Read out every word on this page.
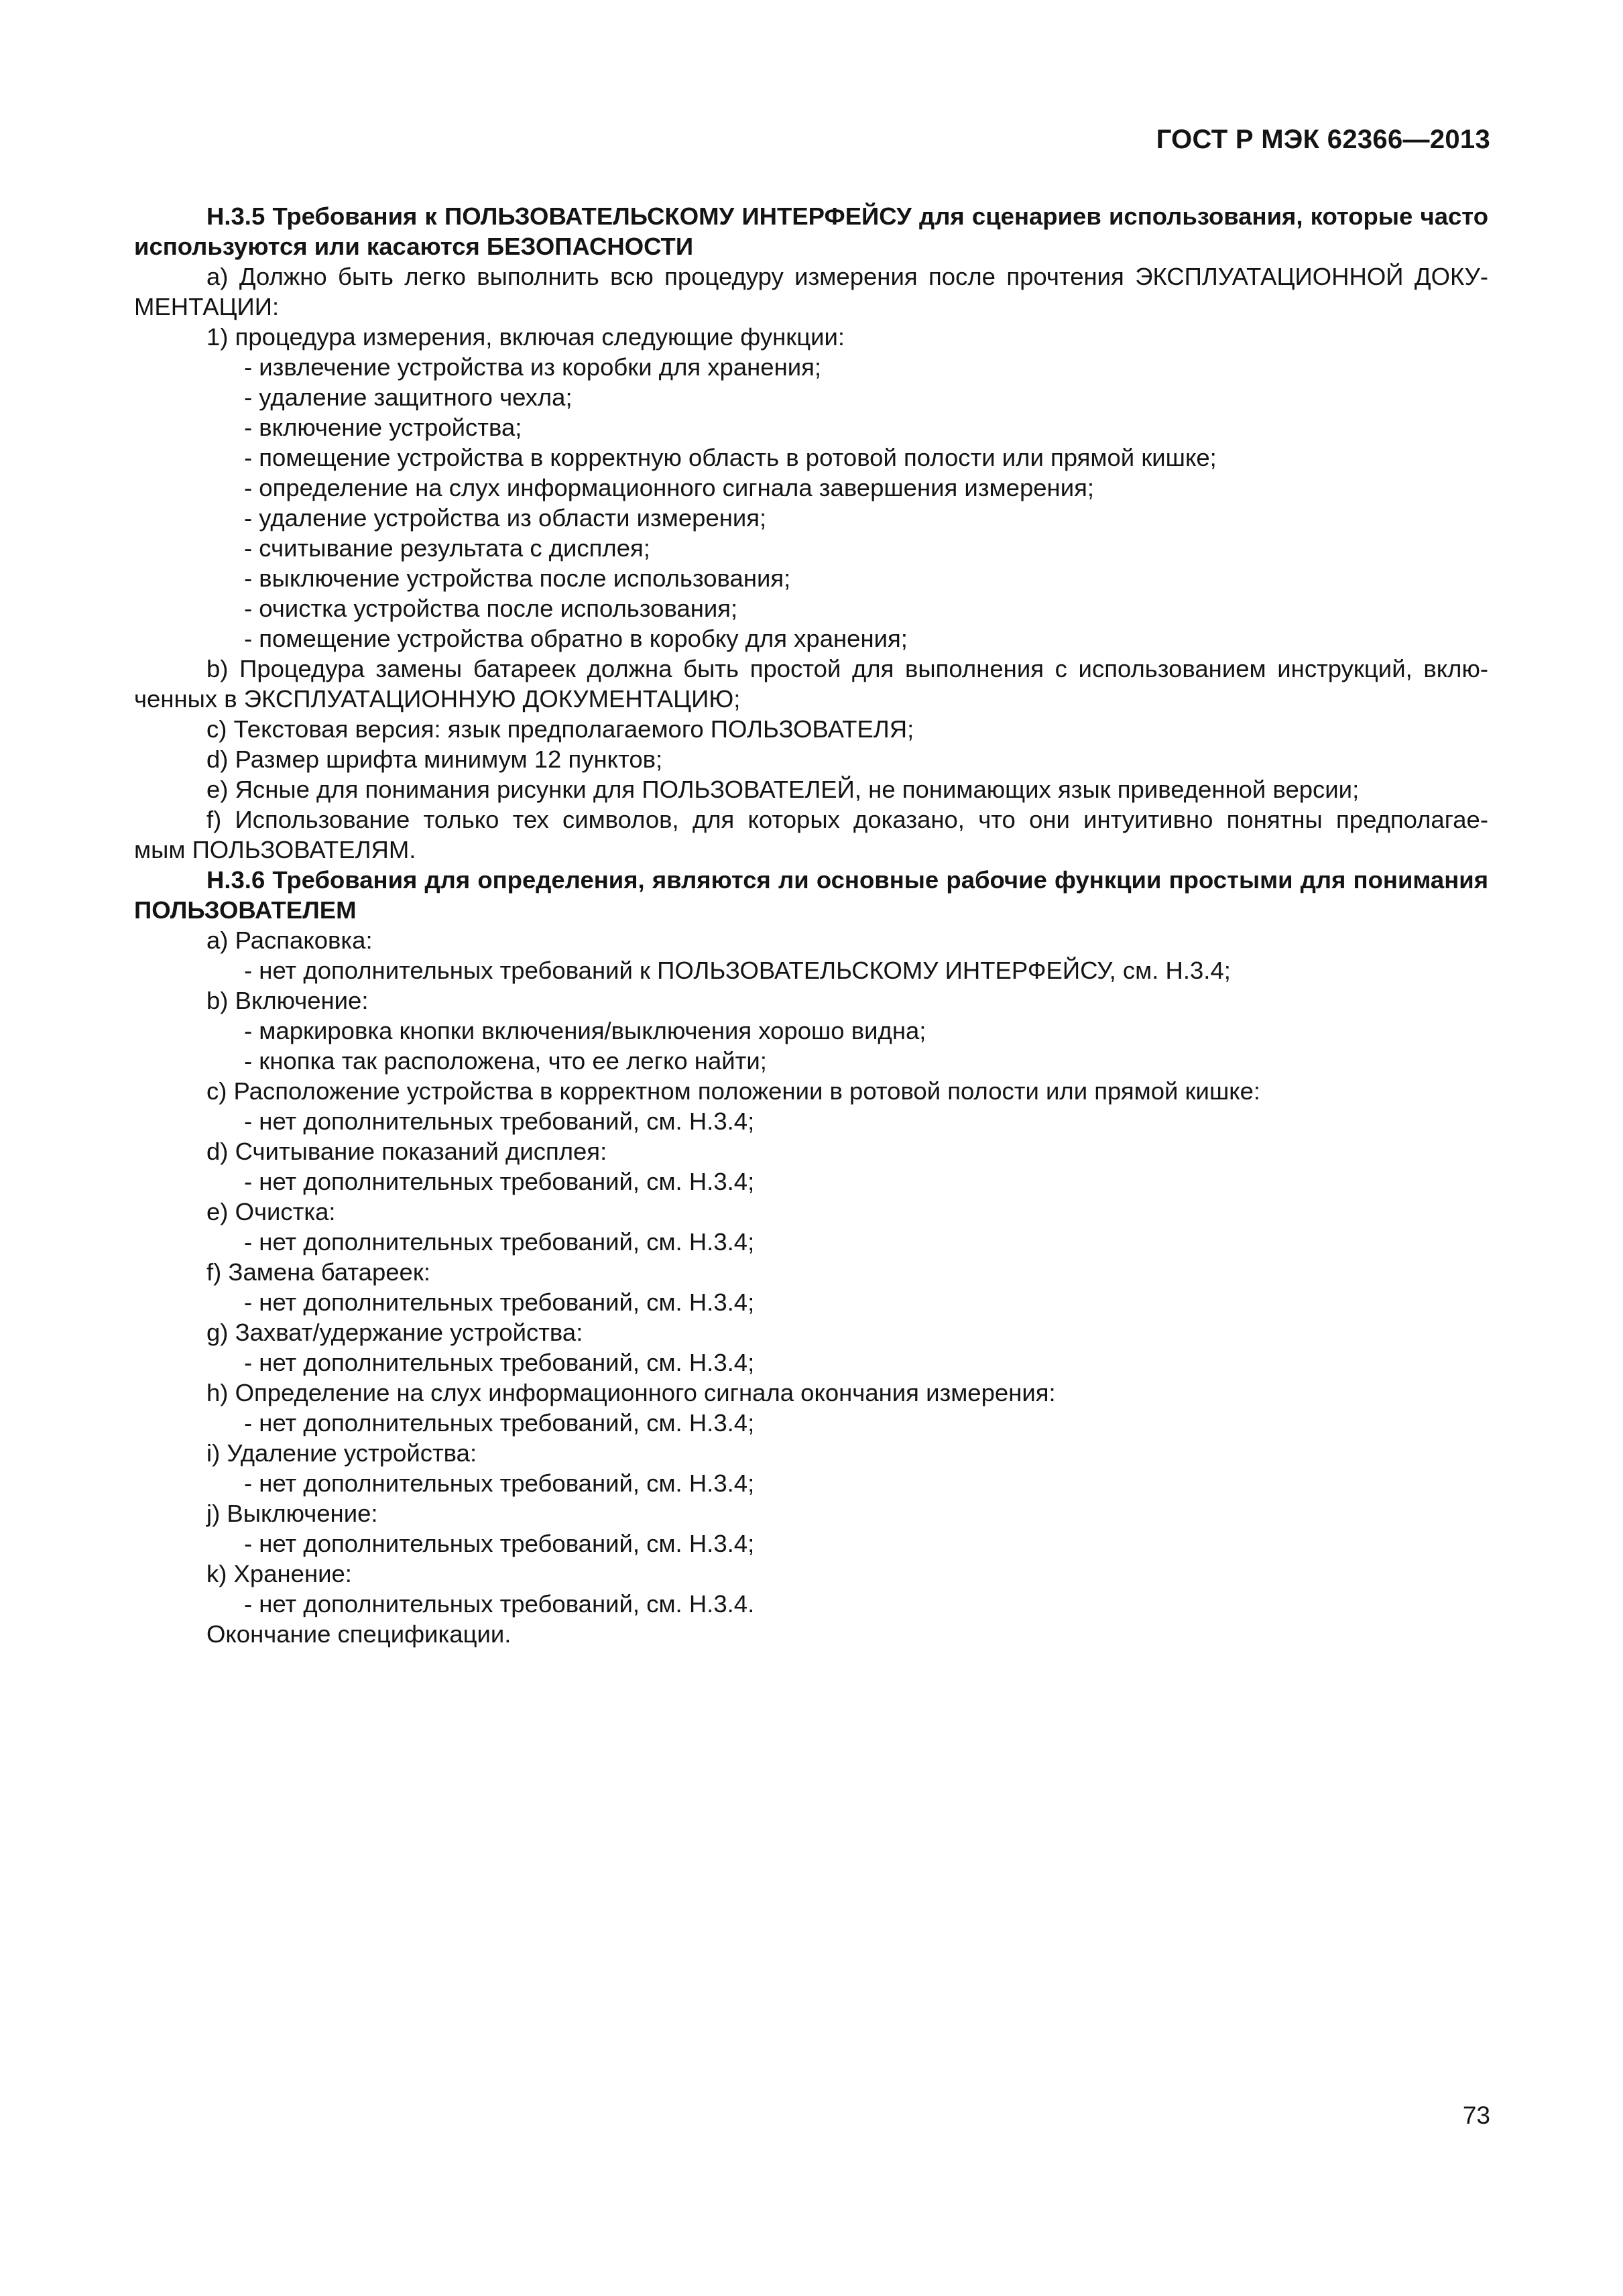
ГОСТ Р МЭК 62366—2013
Н.3.5 Требования к ПОЛЬЗОВАТЕЛЬСКОМУ ИНТЕРФЕЙСУ для сценариев использования, которые часто
используются или касаются БЕЗОПАСНОСТИ
а) Должно быть легко выполнить всю процедуру измерения после прочтения ЭКСПЛУАТАЦИОННОЙ ДОКУ-
МЕНТАЦИИ:
1) процедура измерения, включая следующие функции:
- извлечение устройства из коробки для хранения;
- удаление защитного чехла;
- включение устройства;
- помещение устройства в корректную область в ротовой полости или прямой кишке;
- определение на слух информационного сигнала завершения измерения;
- удаление устройства из области измерения;
- считывание результата с дисплея;
- выключение устройства после использования;
- очистка устройства после использования;
- помещение устройства обратно в коробку для хранения;
b) Процедура замены батареек должна быть простой для выполнения с использованием инструкций, вклю-
ченных в ЭКСПЛУАТАЦИОННУЮ ДОКУМЕНТАЦИЮ;
с) Текстовая версия: язык предполагаемого ПОЛЬЗОВАТЕЛЯ;
d) Размер шрифта минимум 12 пунктов;
е) Ясные для понимания рисунки для ПОЛЬЗОВАТЕЛЕЙ, не понимающих язык приведенной версии;
f) Использование только тех символов, для которых доказано, что они интуитивно понятны предполагае-
мым ПОЛЬЗОВАТЕЛЯМ.
Н.3.6 Требования для определения, являются ли основные рабочие функции простыми для понимания
ПОЛЬЗОВАТЕЛЕМ
а) Распаковка:
- нет дополнительных требований к ПОЛЬЗОВАТЕЛЬСКОМУ ИНТЕРФЕЙСУ, см. Н.3.4;
b) Включение:
- маркировка кнопки включения/выключения хорошо видна;
- кнопка так расположена, что ее легко найти;
с) Расположение устройства в корректном положении в ротовой полости или прямой кишке:
- нет дополнительных требований, см. Н.3.4;
d) Считывание показаний дисплея:
- нет дополнительных требований, см. Н.3.4;
е) Очистка:
- нет дополнительных требований, см. Н.3.4;
f) Замена батареек:
- нет дополнительных требований, см. Н.3.4;
g) Захват/удержание устройства:
- нет дополнительных требований, см. Н.3.4;
h) Определение на слух информационного сигнала окончания измерения:
- нет дополнительных требований, см. Н.3.4;
i) Удаление устройства:
- нет дополнительных требований, см. Н.3.4;
j) Выключение:
- нет дополнительных требований, см. Н.3.4;
k) Хранение:
- нет дополнительных требований, см. Н.3.4.
Окончание спецификации.
73
